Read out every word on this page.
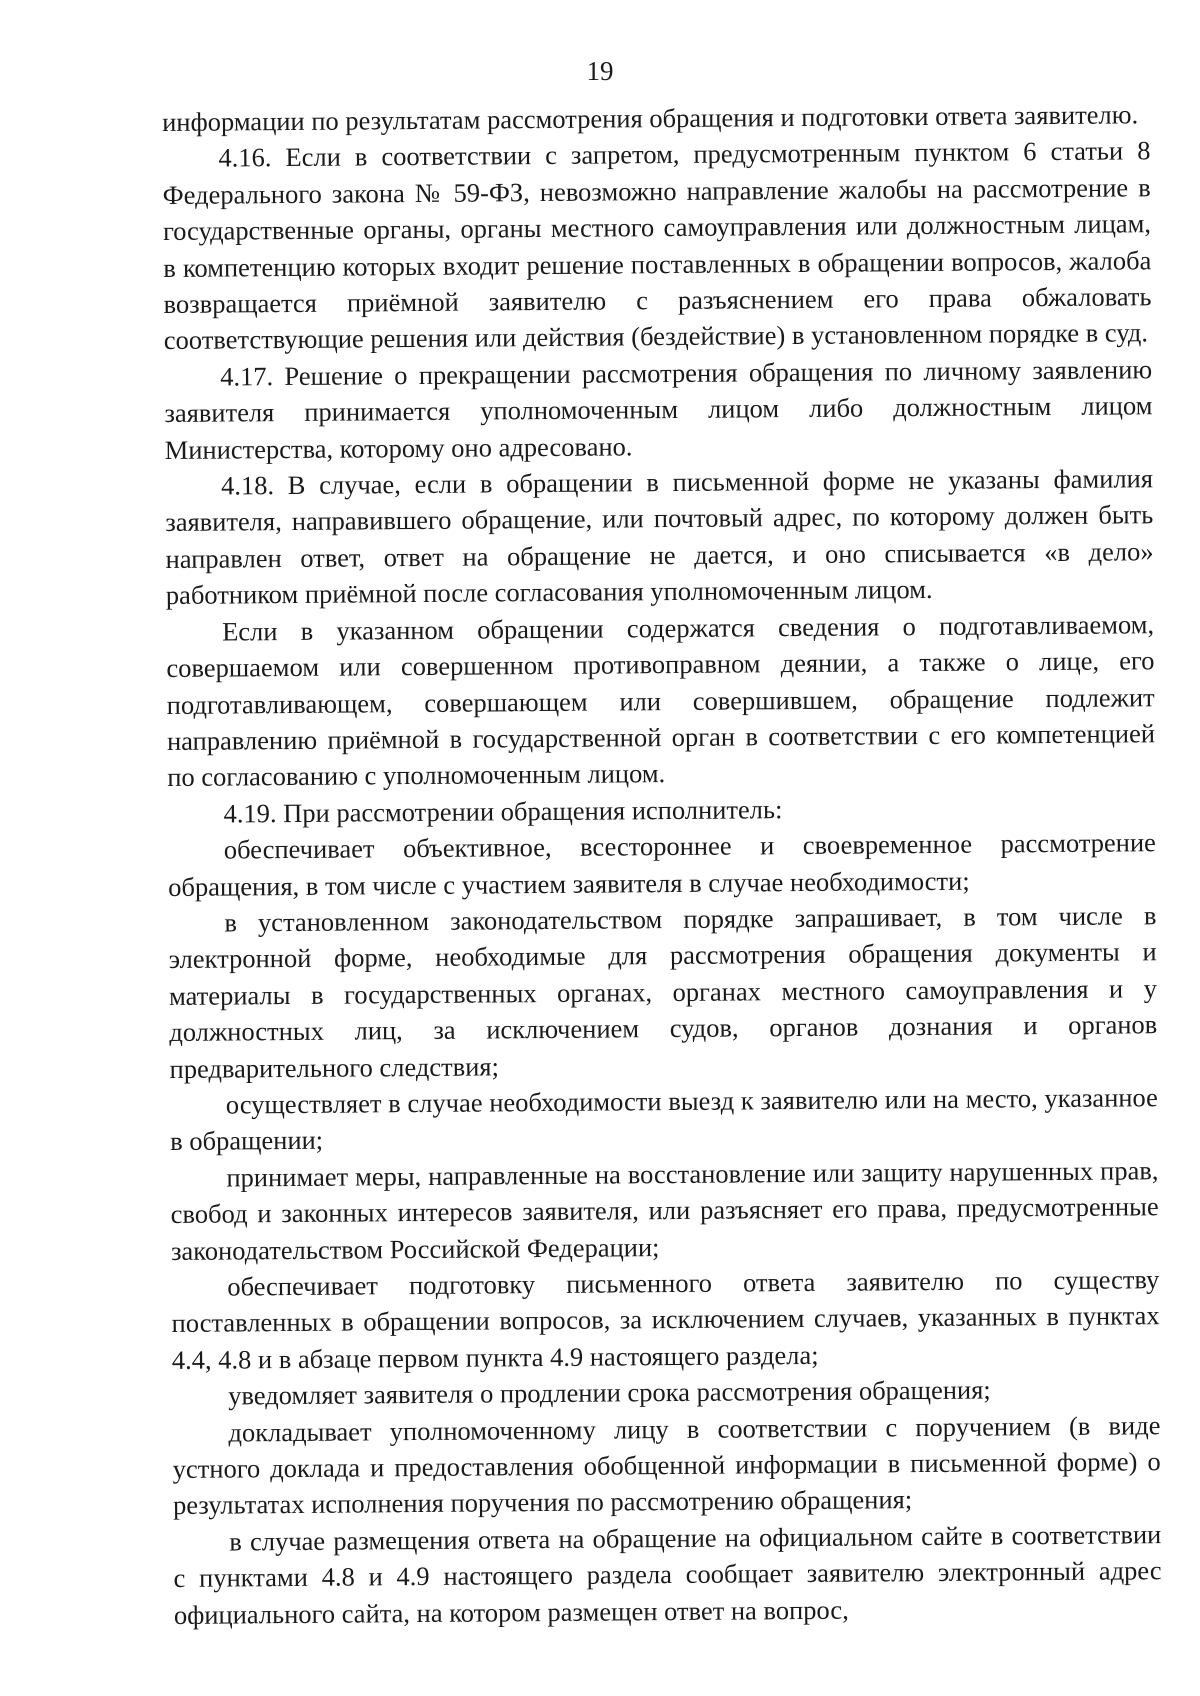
19

информации по результатам рассмотрения обращения и подготовки ответа заявителю.

4.16. Если в соответствии с запретом, предусмотренным пунктом 6 статьи 8 Федерального закона № 59-ФЗ, невозможно направление жалобы на рассмотрение в государственные органы, органы местного самоуправления или должностным лицам, в компетенцию которых входит решение поставленных в обращении вопросов, жалоба возвращается приёмной заявителю с разъяснением его права обжаловать соответствующие решения или действия (бездействие) в установленном порядке в суд.

4.17. Решение о прекращении рассмотрения обращения по личному заявлению заявителя принимается уполномоченным лицом либо должностным лицом Министерства, которому оно адресовано.

4.18. В случае, если в обращении в письменной форме не указаны фамилия заявителя, направившего обращение, или почтовый адрес, по которому должен быть направлен ответ, ответ на обращение не дается, и оно списывается «в дело» работником приёмной после согласования уполномоченным лицом.

Если в указанном обращении содержатся сведения о подготавливаемом, совершаемом или совершенном противоправном деянии, а также о лице, его подготавливающем, совершающем или совершившем, обращение подлежит направлению приёмной в государственной орган в соответствии с его компетенцией по согласованию с уполномоченным лицом.

4.19. При рассмотрении обращения исполнитель:

обеспечивает объективное, всестороннее и своевременное рассмотрение обращения, в том числе с участием заявителя в случае необходимости;

в установленном законодательством порядке запрашивает, в том числе в электронной форме, необходимые для рассмотрения обращения документы и материалы в государственных органах, органах местного самоуправления и у должностных лиц, за исключением судов, органов дознания и органов предварительного следствия;

осуществляет в случае необходимости выезд к заявителю или на место, указанное в обращении;

принимает меры, направленные на восстановление или защиту нарушенных прав, свобод и законных интересов заявителя, или разъясняет его права, предусмотренные законодательством Российской Федерации;

обеспечивает подготовку письменного ответа заявителю по существу поставленных в обращении вопросов, за исключением случаев, указанных в пунктах 4.4, 4.8 и в абзаце первом пункта 4.9 настоящего раздела;

уведомляет заявителя о продлении срока рассмотрения обращения;

докладывает уполномоченному лицу в соответствии с поручением (в виде устного доклада и предоставления обобщенной информации в письменной форме) о результатах исполнения поручения по рассмотрению обращения;

в случае размещения ответа на обращение на официальном сайте в соответствии с пунктами 4.8 и 4.9 настоящего раздела сообщает заявителю электронный адрес официального сайта, на котором размещен ответ на вопрос,
